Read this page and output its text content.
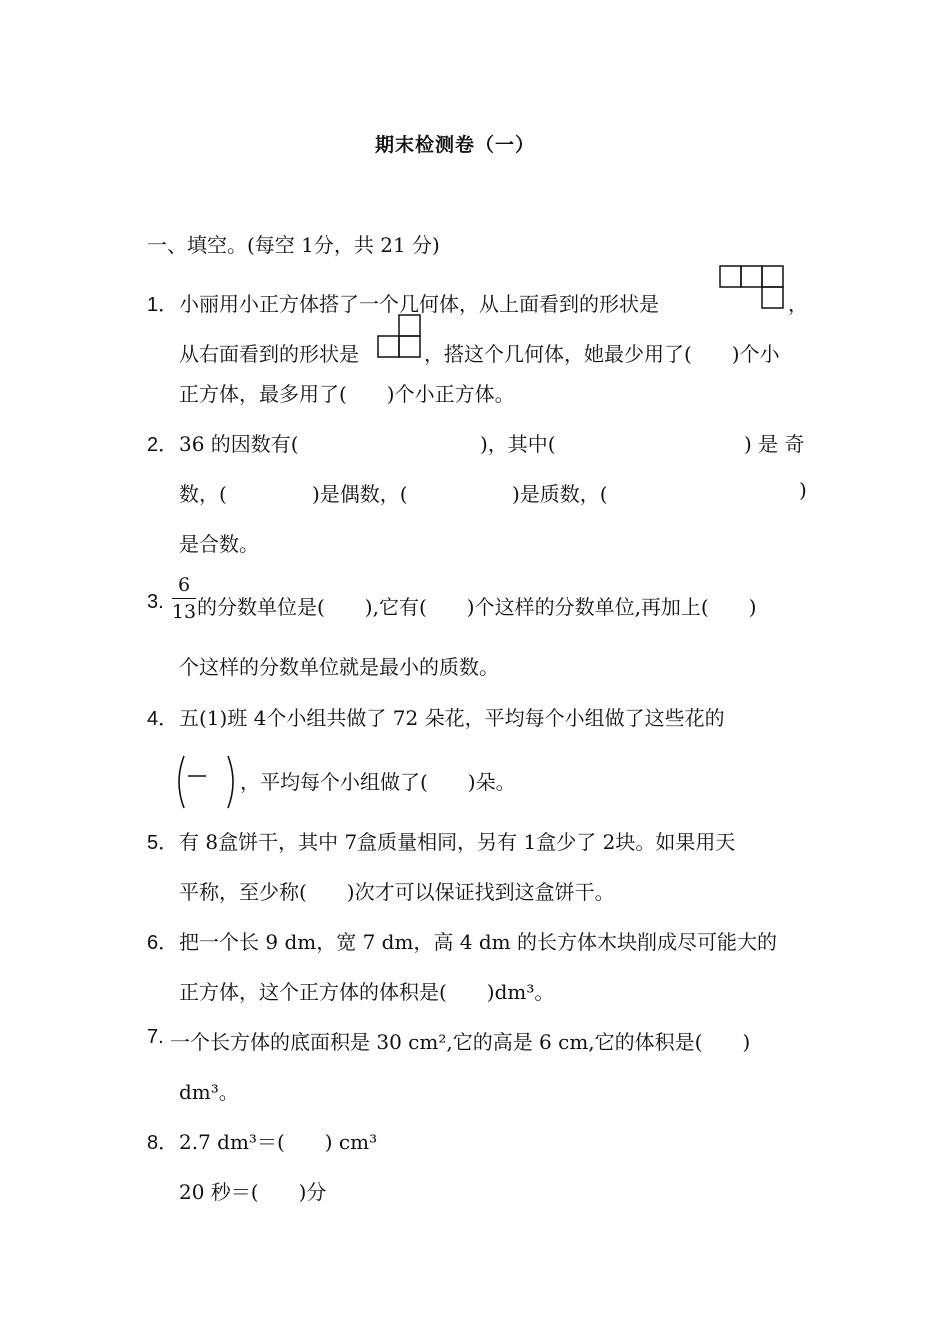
期末检测卷（一）
一、填空。(每空 1分，共 21 分)
1． 小丽用小正方体搭了一个几何体，从上面看到的形状是	，
从右面看到的形状是	，搭这个几何体，她最少用了(　　)个小
正方体，最多用了(　　)个小正方体。
2． 36 的因数有(	)，其中(	) 是 奇
数，(	)是偶数，(	)是质数，(	)
是合数。
3.
6
13 的分数单位是(　　),它有(　　)个这样的分数单位,再加上(　　)
个这样的分数单位就是最小的质数。
4． 五(1)班 4个小组共做了 72 朵花，平均每个小组做了这些花的
，平均每个小组做了(　　)朵。
5． 有 8盒饼干，其中 7盒质量相同，另有 1盒少了 2块。如果用天
平称，至少称(　　)次才可以保证找到这盒饼干。
6． 把一个长 9 dm，宽 7 dm，高 4 dm 的长方体木块削成尽可能大的
正方体，这个正方体的体积是(　　)dm³。
7. 一个长方体的底面积是 30 cm²,它的高是 6 cm,它的体积是(　　)
dm³。
8． 2.7 dm³＝(　　) cm³
20 秒＝(　　)分
